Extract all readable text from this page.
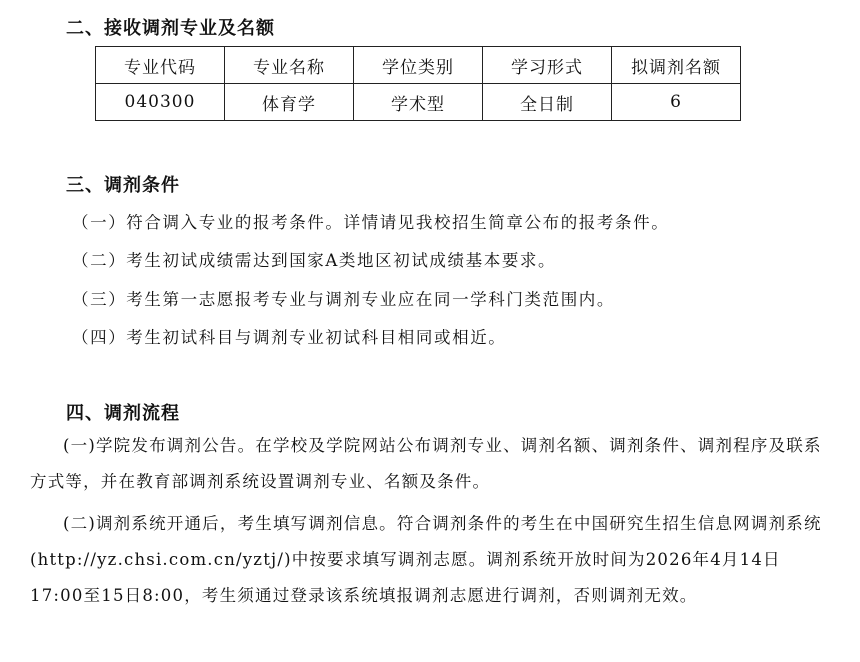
二、接收调剂专业及名额
专业代码	专业名称	学位类别	学习形式	拟调剂名额
040300	体育学	学术型	全日制	6
三、调剂条件
（一）符合调入专业的报考条件。详情请见我校招生简章公布的报考条件。
（二）考生初试成绩需达到国家A类地区初试成绩基本要求。
（三）考生第一志愿报考专业与调剂专业应在同一学科门类范围内。
（四）考生初试科目与调剂专业初试科目相同或相近。
四、调剂流程
(一)学院发布调剂公告。在学校及学院网站公布调剂专业、调剂名额、调剂条件、调剂程序及联系方式等，并在教育部调剂系统设置调剂专业、名额及条件。
(二)调剂系统开通后，考生填写调剂信息。符合调剂条件的考生在中国研究生招生信息网调剂系统(http://yz.chsi.com.cn/yztj/)中按要求填写调剂志愿。调剂系统开放时间为2026年4月14日17:00至15日8:00，考生须通过登录该系统填报调剂志愿进行调剂，否则调剂无效。
